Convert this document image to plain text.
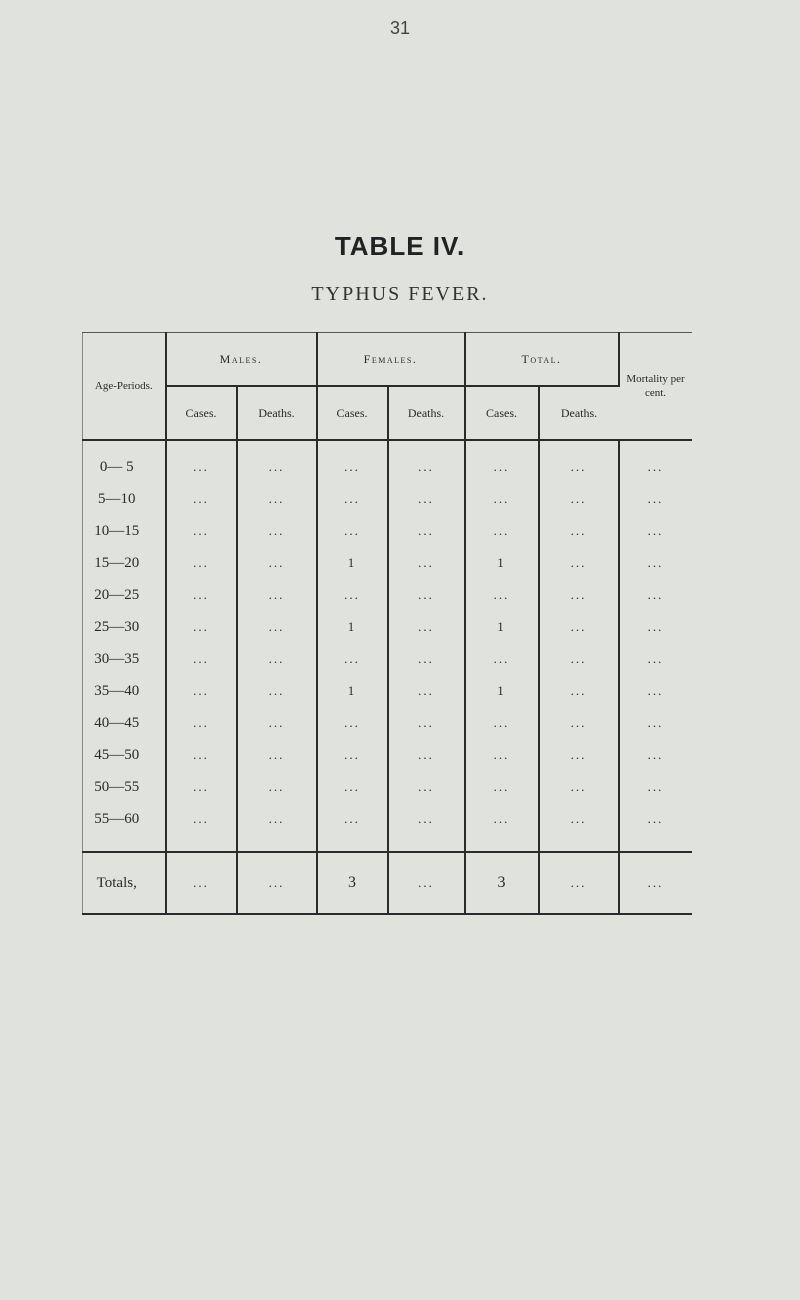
31
TABLE IV.
TYPHUS FEVER.
Age-Periods.	Males.		Females.		Total.		Mortality per cent.
	Cases.	Deaths.	Cases.	Deaths.	Cases.	Deaths.	
0— 5	...	...	...	...	...	...	...
5—10	...	...	...	...	...	...	...
10—15	...	...	...	...	...	...	...
15—20	...	...	1	...	1	...	...
20—25	...	...	...	...	...	...	...
25—30	...	...	1	...	1	...	...
30—35	...	...	...	...	...	...	...
35—40	...	...	1	...	1	...	...
40—45	...	...	...	...	...	...	...
45—50	...	...	...	...	...	...	...
50—55	...	...	...	...	...	...	...
55—60	...	...	...	...	...	...	...

Totals,	...	...	3	...	3	...	...
